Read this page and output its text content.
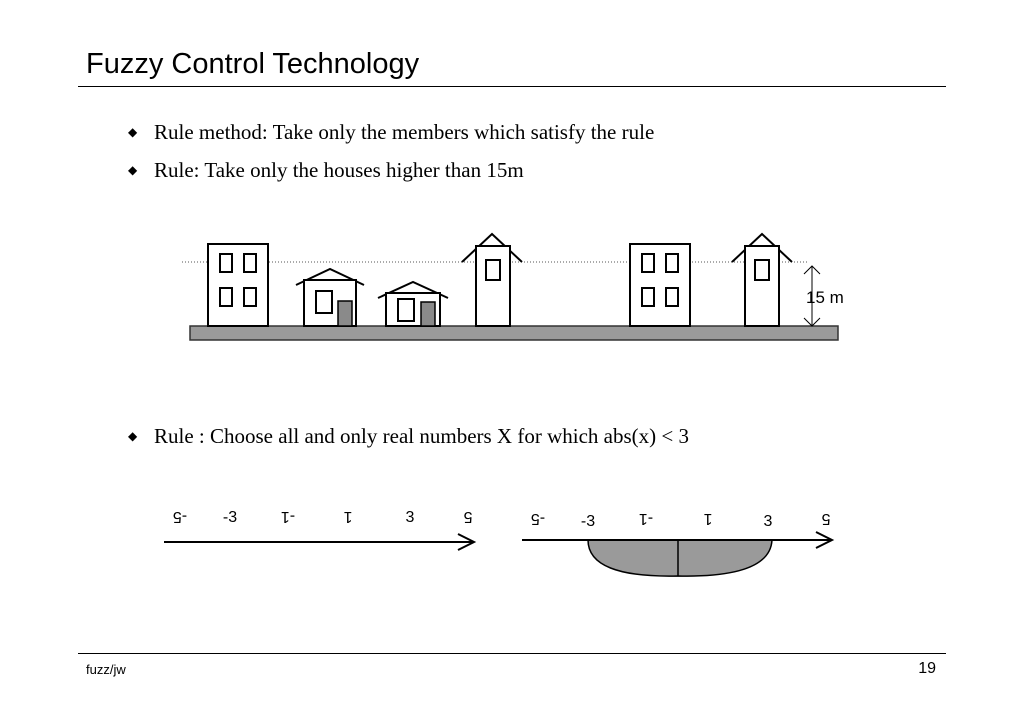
Fuzzy Control Technology
◆ Rule method: Take only the members which satisfy the rule
◆ Rule: Take only the houses higher than 15m
15 m
◆ Rule : Choose all and only real numbers X for which abs(x) < 3
-5 -3	-1	1	3	5	-5 -3	-1	1	3	5
fuzz/jw	19
